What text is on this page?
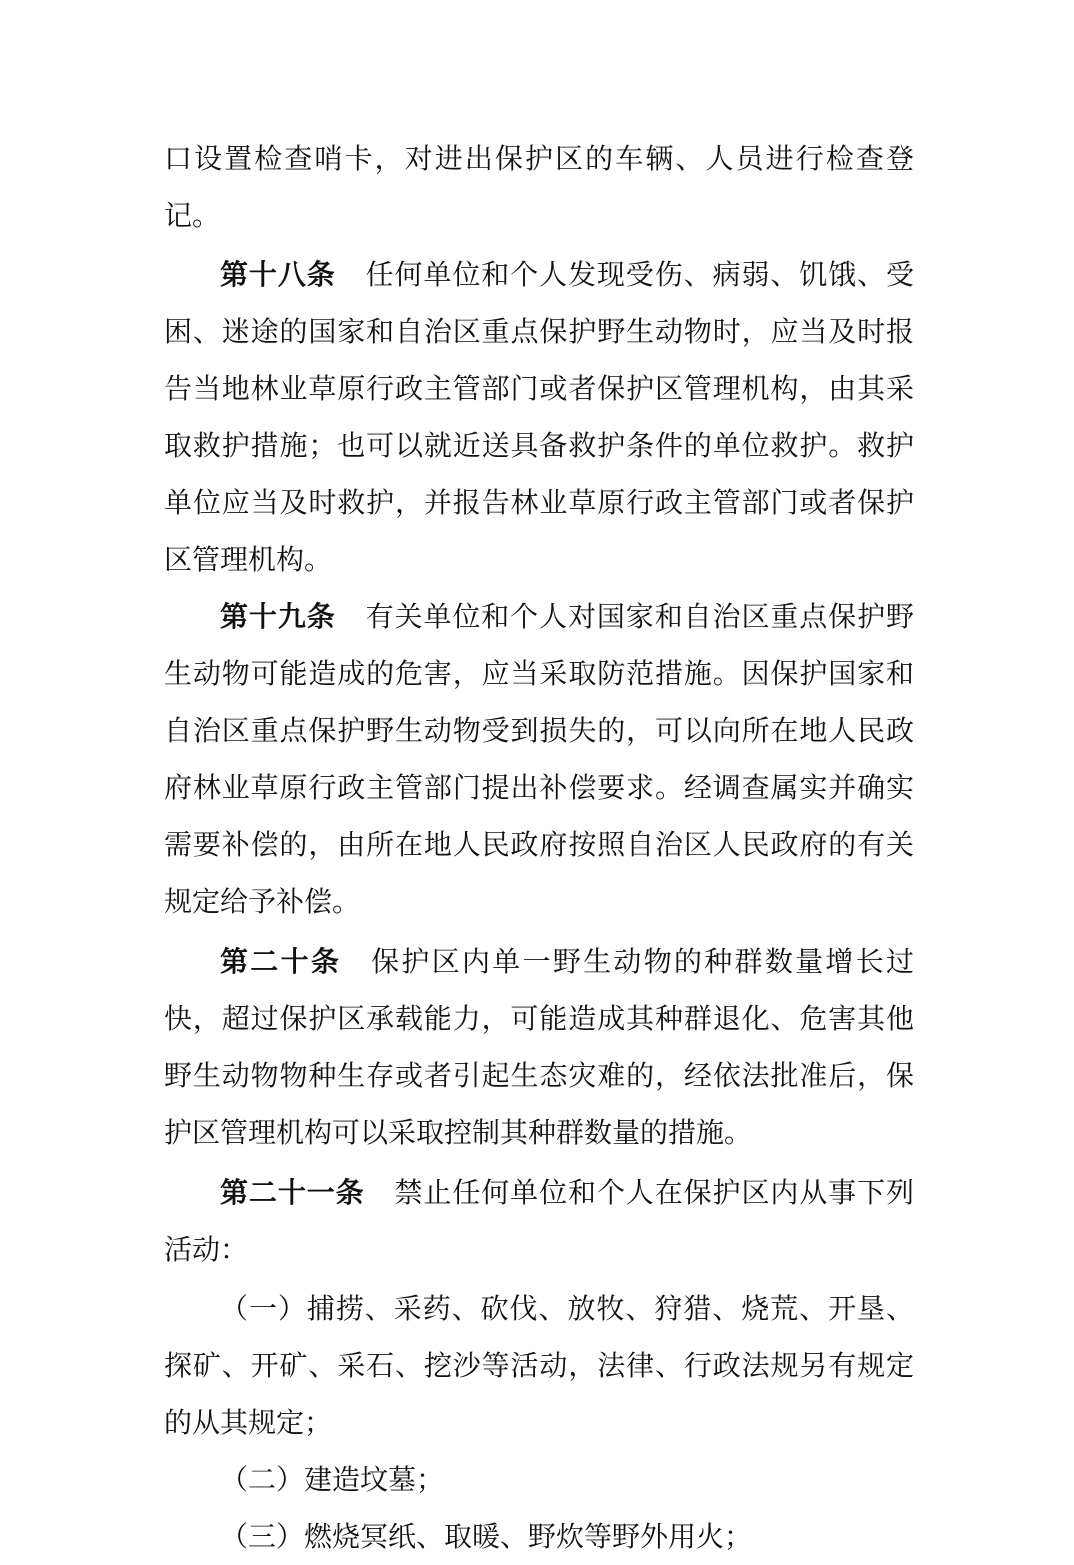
口设置检查哨卡，对进出保护区的车辆、人员进行检查登记。

第十八条 任何单位和个人发现受伤、病弱、饥饿、受困、迷途的国家和自治区重点保护野生动物时，应当及时报告当地林业草原行政主管部门或者保护区管理机构，由其采取救护措施；也可以就近送具备救护条件的单位救护。救护单位应当及时救护，并报告林业草原行政主管部门或者保护区管理机构。

第十九条 有关单位和个人对国家和自治区重点保护野生动物可能造成的危害，应当采取防范措施。因保护国家和自治区重点保护野生动物受到损失的，可以向所在地人民政府林业草原行政主管部门提出补偿要求。经调查属实并确实需要补偿的，由所在地人民政府按照自治区人民政府的有关规定给予补偿。

第二十条 保护区内单一野生动物的种群数量增长过快，超过保护区承载能力，可能造成其种群退化、危害其他野生动物物种生存或者引起生态灾难的，经依法批准后，保护区管理机构可以采取控制其种群数量的措施。

第二十一条 禁止任何单位和个人在保护区内从事下列活动：

（一）捕捞、采药、砍伐、放牧、狩猎、烧荒、开垦、探矿、开矿、采石、挖沙等活动，法律、行政法规另有规定的从其规定；

（二）建造坟墓；

（三）燃烧冥纸、取暖、野炊等野外用火；
